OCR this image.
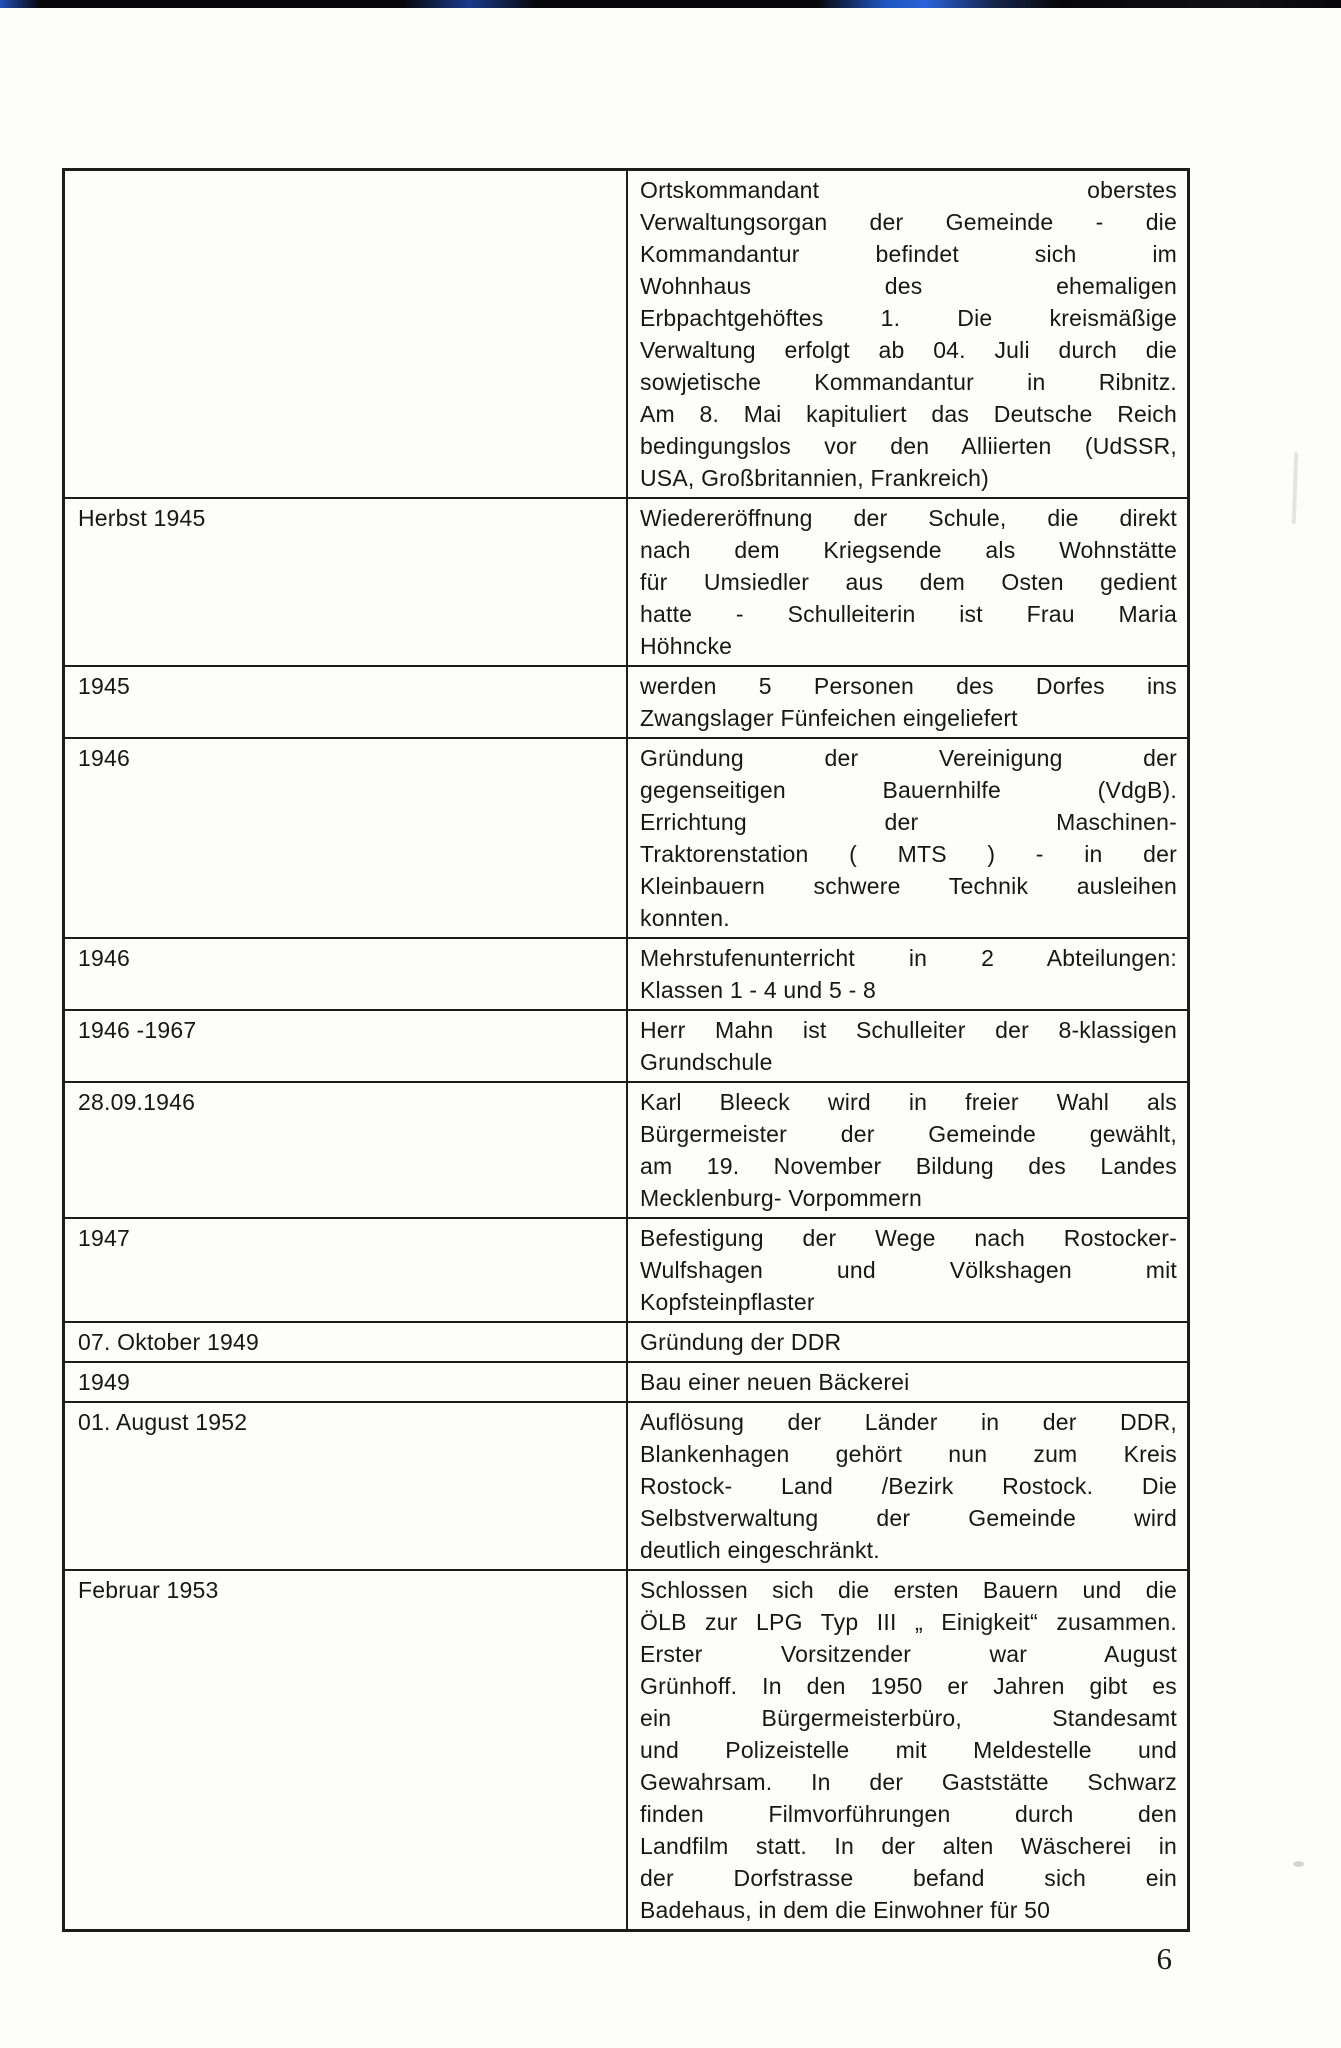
Ortskommandant oberstes
Verwaltungsorgan der Gemeinde - die
Kommandantur befindet sich im
Wohnhaus des ehemaligen
Erbpachtgehöftes 1. Die kreismäßige
Verwaltung erfolgt ab 04. Juli durch die
sowjetische Kommandantur in Ribnitz.
Am 8. Mai kapituliert das Deutsche Reich
bedingungslos vor den Alliierten (UdSSR,
USA, Großbritannien, Frankreich)
Herbst 1945	Wiedereröffnung der Schule, die direkt
nach dem Kriegsende als Wohnstätte
für Umsiedler aus dem Osten gedient
hatte - Schulleiterin ist Frau Maria
Höhncke
1945	werden 5 Personen des Dorfes ins
Zwangslager Fünfeichen eingeliefert
1946	Gründung der Vereinigung der
gegenseitigen Bauernhilfe (VdgB).
Errichtung der Maschinen-
Traktorenstation ( MTS ) - in der
Kleinbauern schwere Technik ausleihen
konnten.
1946	Mehrstufenunterricht in 2 Abteilungen:
Klassen 1 - 4 und 5 - 8
1946 -1967	Herr Mahn ist Schulleiter der 8-klassigen
Grundschule
28.09.1946	Karl Bleeck wird in freier Wahl als
Bürgermeister der Gemeinde gewählt,
am 19. November Bildung des Landes
Mecklenburg- Vorpommern
1947	Befestigung der Wege nach Rostocker-
Wulfshagen und Völkshagen mit
Kopfsteinpflaster
07. Oktober 1949	Gründung der DDR
1949	Bau einer neuen Bäckerei
01. August 1952	Auflösung der Länder in der DDR,
Blankenhagen gehört nun zum Kreis
Rostock- Land /Bezirk Rostock. Die
Selbstverwaltung der Gemeinde wird
deutlich eingeschränkt.
Februar 1953	Schlossen sich die ersten Bauern und die
ÖLB zur LPG Typ III „ Einigkeit“ zusammen.
Erster Vorsitzender war August
Grünhoff. In den 1950 er Jahren gibt es
ein Bürgermeisterbüro, Standesamt
und Polizeistelle mit Meldestelle und
Gewahrsam. In der Gaststätte Schwarz
finden Filmvorführungen durch den
Landfilm statt. In der alten Wäscherei in
der Dorfstrasse befand sich ein
Badehaus, in dem die Einwohner für 50
6
